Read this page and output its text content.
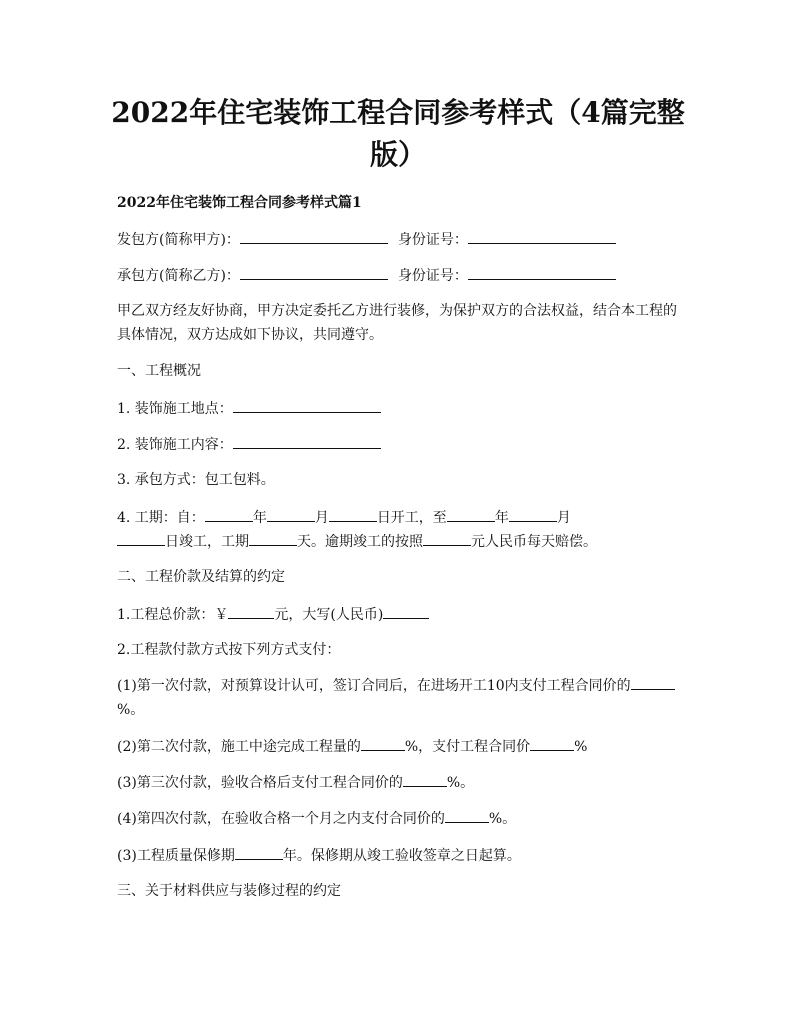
2022年住宅装饰工程合同参考样式（4篇完整版）
2022年住宅装饰工程合同参考样式篇1
发包方(简称甲方)：	身份证号：
承包方(简称乙方)：	身份证号：
甲乙双方经友好协商，甲方决定委托乙方进行装修，为保护双方的合法权益，结合本工程的具体情况，双方达成如下协议，共同遵守。
一、工程概况
1. 装饰施工地点：
2. 装饰施工内容：
3. 承包方式：包工包料。
4. 工期：自：	年	月	日开工，至	年	月
日竣工，工期	天。逾期竣工的按照	元人民币每天赔偿。
二、工程价款及结算的约定
1.工程总价款：￥	元，大写(人民币)
2.工程款付款方式按下列方式支付：
(1)第一次付款，对预算设计认可，签订合同后，在进场开工10内支付工程合同价的%。
(2)第二次付款，施工中途完成工程量的	%，支付工程合同价	%
(3)第三次付款，验收合格后支付工程合同价的	%。
(4)第四次付款，在验收合格一个月之内支付合同价的	%。
(3)工程质量保修期	年。保修期从竣工验收签章之日起算。
三、关于材料供应与装修过程的约定
